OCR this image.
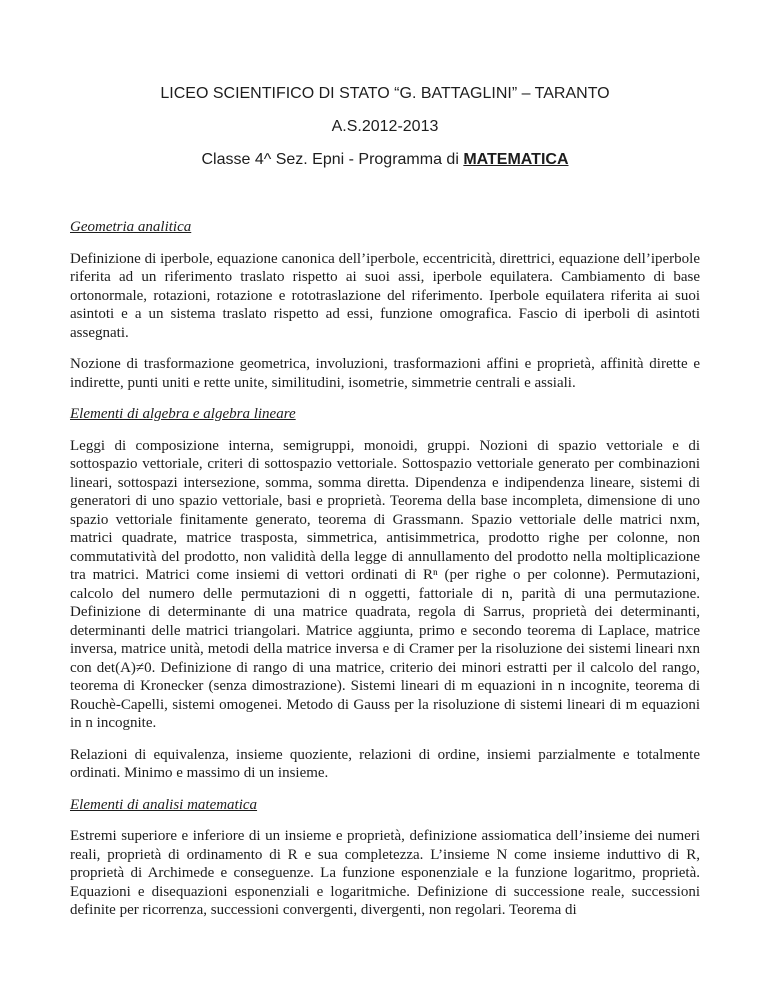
LICEO SCIENTIFICO DI STATO “G. BATTAGLINI” – TARANTO
A.S.2012-2013
Classe 4^ Sez. Epni - Programma di MATEMATICA
Geometria analitica

Definizione di iperbole, equazione canonica dell’iperbole, eccentricità, direttrici, equazione dell’iperbole riferita ad un riferimento traslato rispetto ai suoi assi, iperbole equilatera. Cambiamento di base ortonormale, rotazioni, rotazione e rototraslazione del riferimento. Iperbole equilatera riferita ai suoi asintoti e a un sistema traslato rispetto ad essi, funzione omografica. Fascio di iperboli di asintoti assegnati.

Nozione di trasformazione geometrica, involuzioni, trasformazioni affini e proprietà, affinità dirette e indirette, punti uniti e rette unite, similitudini, isometrie, simmetrie centrali e assiali.

Elementi di algebra e algebra lineare

Leggi di composizione interna, semigruppi, monoidi, gruppi. Nozioni di spazio vettoriale e di sottospazio vettoriale, criteri di sottospazio vettoriale. Sottospazio vettoriale generato per combinazioni lineari, sottospazi intersezione, somma, somma diretta. Dipendenza e indipendenza lineare, sistemi di generatori di uno spazio vettoriale, basi e proprietà. Teorema della base incompleta, dimensione di uno spazio vettoriale finitamente generato, teorema di Grassmann. Spazio vettoriale delle matrici nxm, matrici quadrate, matrice trasposta, simmetrica, antisimmetrica, prodotto righe per colonne, non commutatività del prodotto, non validità della legge di annullamento del prodotto nella moltiplicazione tra matrici. Matrici come insiemi di vettori ordinati di Rⁿ (per righe o per colonne). Permutazioni, calcolo del numero delle permutazioni di n oggetti, fattoriale di n, parità di una permutazione. Definizione di determinante di una matrice quadrata, regola di Sarrus, proprietà dei determinanti, determinanti delle matrici triangolari. Matrice aggiunta, primo e secondo teorema di Laplace, matrice inversa, matrice unità, metodi della matrice inversa e di Cramer per la risoluzione dei sistemi lineari nxn con det(A)≠0. Definizione di rango di una matrice, criterio dei minori estratti per il calcolo del rango, teorema di Kronecker (senza dimostrazione). Sistemi lineari di m equazioni in n incognite, teorema di Rouchè-Capelli, sistemi omogenei. Metodo di Gauss per la risoluzione di sistemi lineari di m equazioni in n incognite.

Relazioni di equivalenza, insieme quoziente, relazioni di ordine, insiemi parzialmente e totalmente ordinati. Minimo e massimo di un insieme.

Elementi di analisi matematica

Estremi superiore e inferiore di un insieme e proprietà, definizione assiomatica dell’insieme dei numeri reali, proprietà di ordinamento di R e sua completezza. L’insieme N come insieme induttivo di R, proprietà di Archimede e conseguenze. La funzione esponenziale e la funzione logaritmo, proprietà. Equazioni e disequazioni esponenziali e logaritmiche. Definizione di successione reale, successioni definite per ricorrenza, successioni convergenti, divergenti, non regolari. Teorema di
